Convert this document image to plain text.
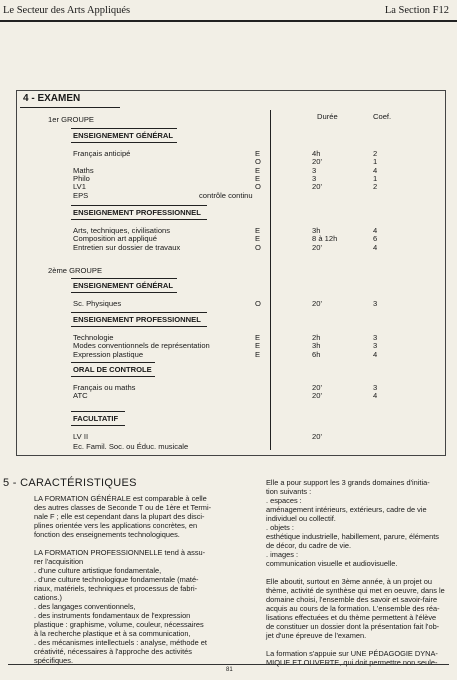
Le Secteur des Arts Appliqués	La Section F12
4 - EXAMEN
Durée	Coef.
1er GROUPE
ENSEIGNEMENT GÉNÉRAL
Français anticipé	E	4h	2
O	20'	1
Maths	E	3	4
Philo	E	3	1
LV1	O	20'	2
EPS	contrôle continu
ENSEIGNEMENT PROFESSIONNEL
Arts, techniques, civilisations	E	3h	4
Composition art appliqué	E	8 à 12h	6
Entretien sur dossier de travaux	O	20'	4
2ème GROUPE
ENSEIGNEMENT GÉNÉRAL
Sc. Physiques	O	20'	3
ENSEIGNEMENT PROFESSIONNEL
Technologie	E	2h	3
Modes conventionnels de représentation	E	3h	3
Expression plastique	E	6h	4
ORAL DE CONTROLE
Français ou maths	20'	3
ATC	20'	4
FACULTATIF
LV II	20'
Ec. Famil. Soc. ou Éduc. musicale
5 - CARACTÉRISTIQUES
LA FORMATION GÉNÉRALE est comparable à celle
des autres classes de Seconde T ou de 1ère et Termi-
nale F ; elle est cependant dans la plupart des disci-
plines orientée vers les applications concrètes, en
fonction des enseignements technologiques.

LA FORMATION PROFESSIONNELLE tend à assu-
rer l'acquisition
. d'une culture artistique fondamentale,
. d'une culture technologique fondamentale (maté-
riaux, matériels, techniques et processus de fabri-
cations.)
. des langages conventionnels,
. des instruments fondamentaux de l'expression
plastique : graphisme, volume, couleur, nécessaires
à la recherche plastique et à sa communication,
. des mécanismes intellectuels : analyse, méthode et
créativité, nécessaires à l'approche des activités
spécifiques.
Elle a pour support les 3 grands domaines d'initia-
tion suivants :
. espaces :
aménagement intérieurs, extérieurs, cadre de vie
individuel ou collectif.
. objets :
esthétique industrielle, habillement, parure, éléments
de décor, du cadre de vie.
. images :
communication visuelle et audiovisuelle.

Elle aboutit, surtout en 3ème année, à un projet ou
thème, activité de synthèse qui met en oeuvre, dans le
domaine choisi, l'ensemble des savoir et savoir-faire
acquis au cours de la formation. L'ensemble des réa-
lisations effectuées et du thème permettent à l'élève
de constituer un dossier dont la présentation fait l'ob-
jet d'une épreuve de l'examen.

La formation s'appuie sur UNE PÉDAGOGIE DYNA-
MIQUE ET OUVERTE, qui doit permettre non seule-
81
